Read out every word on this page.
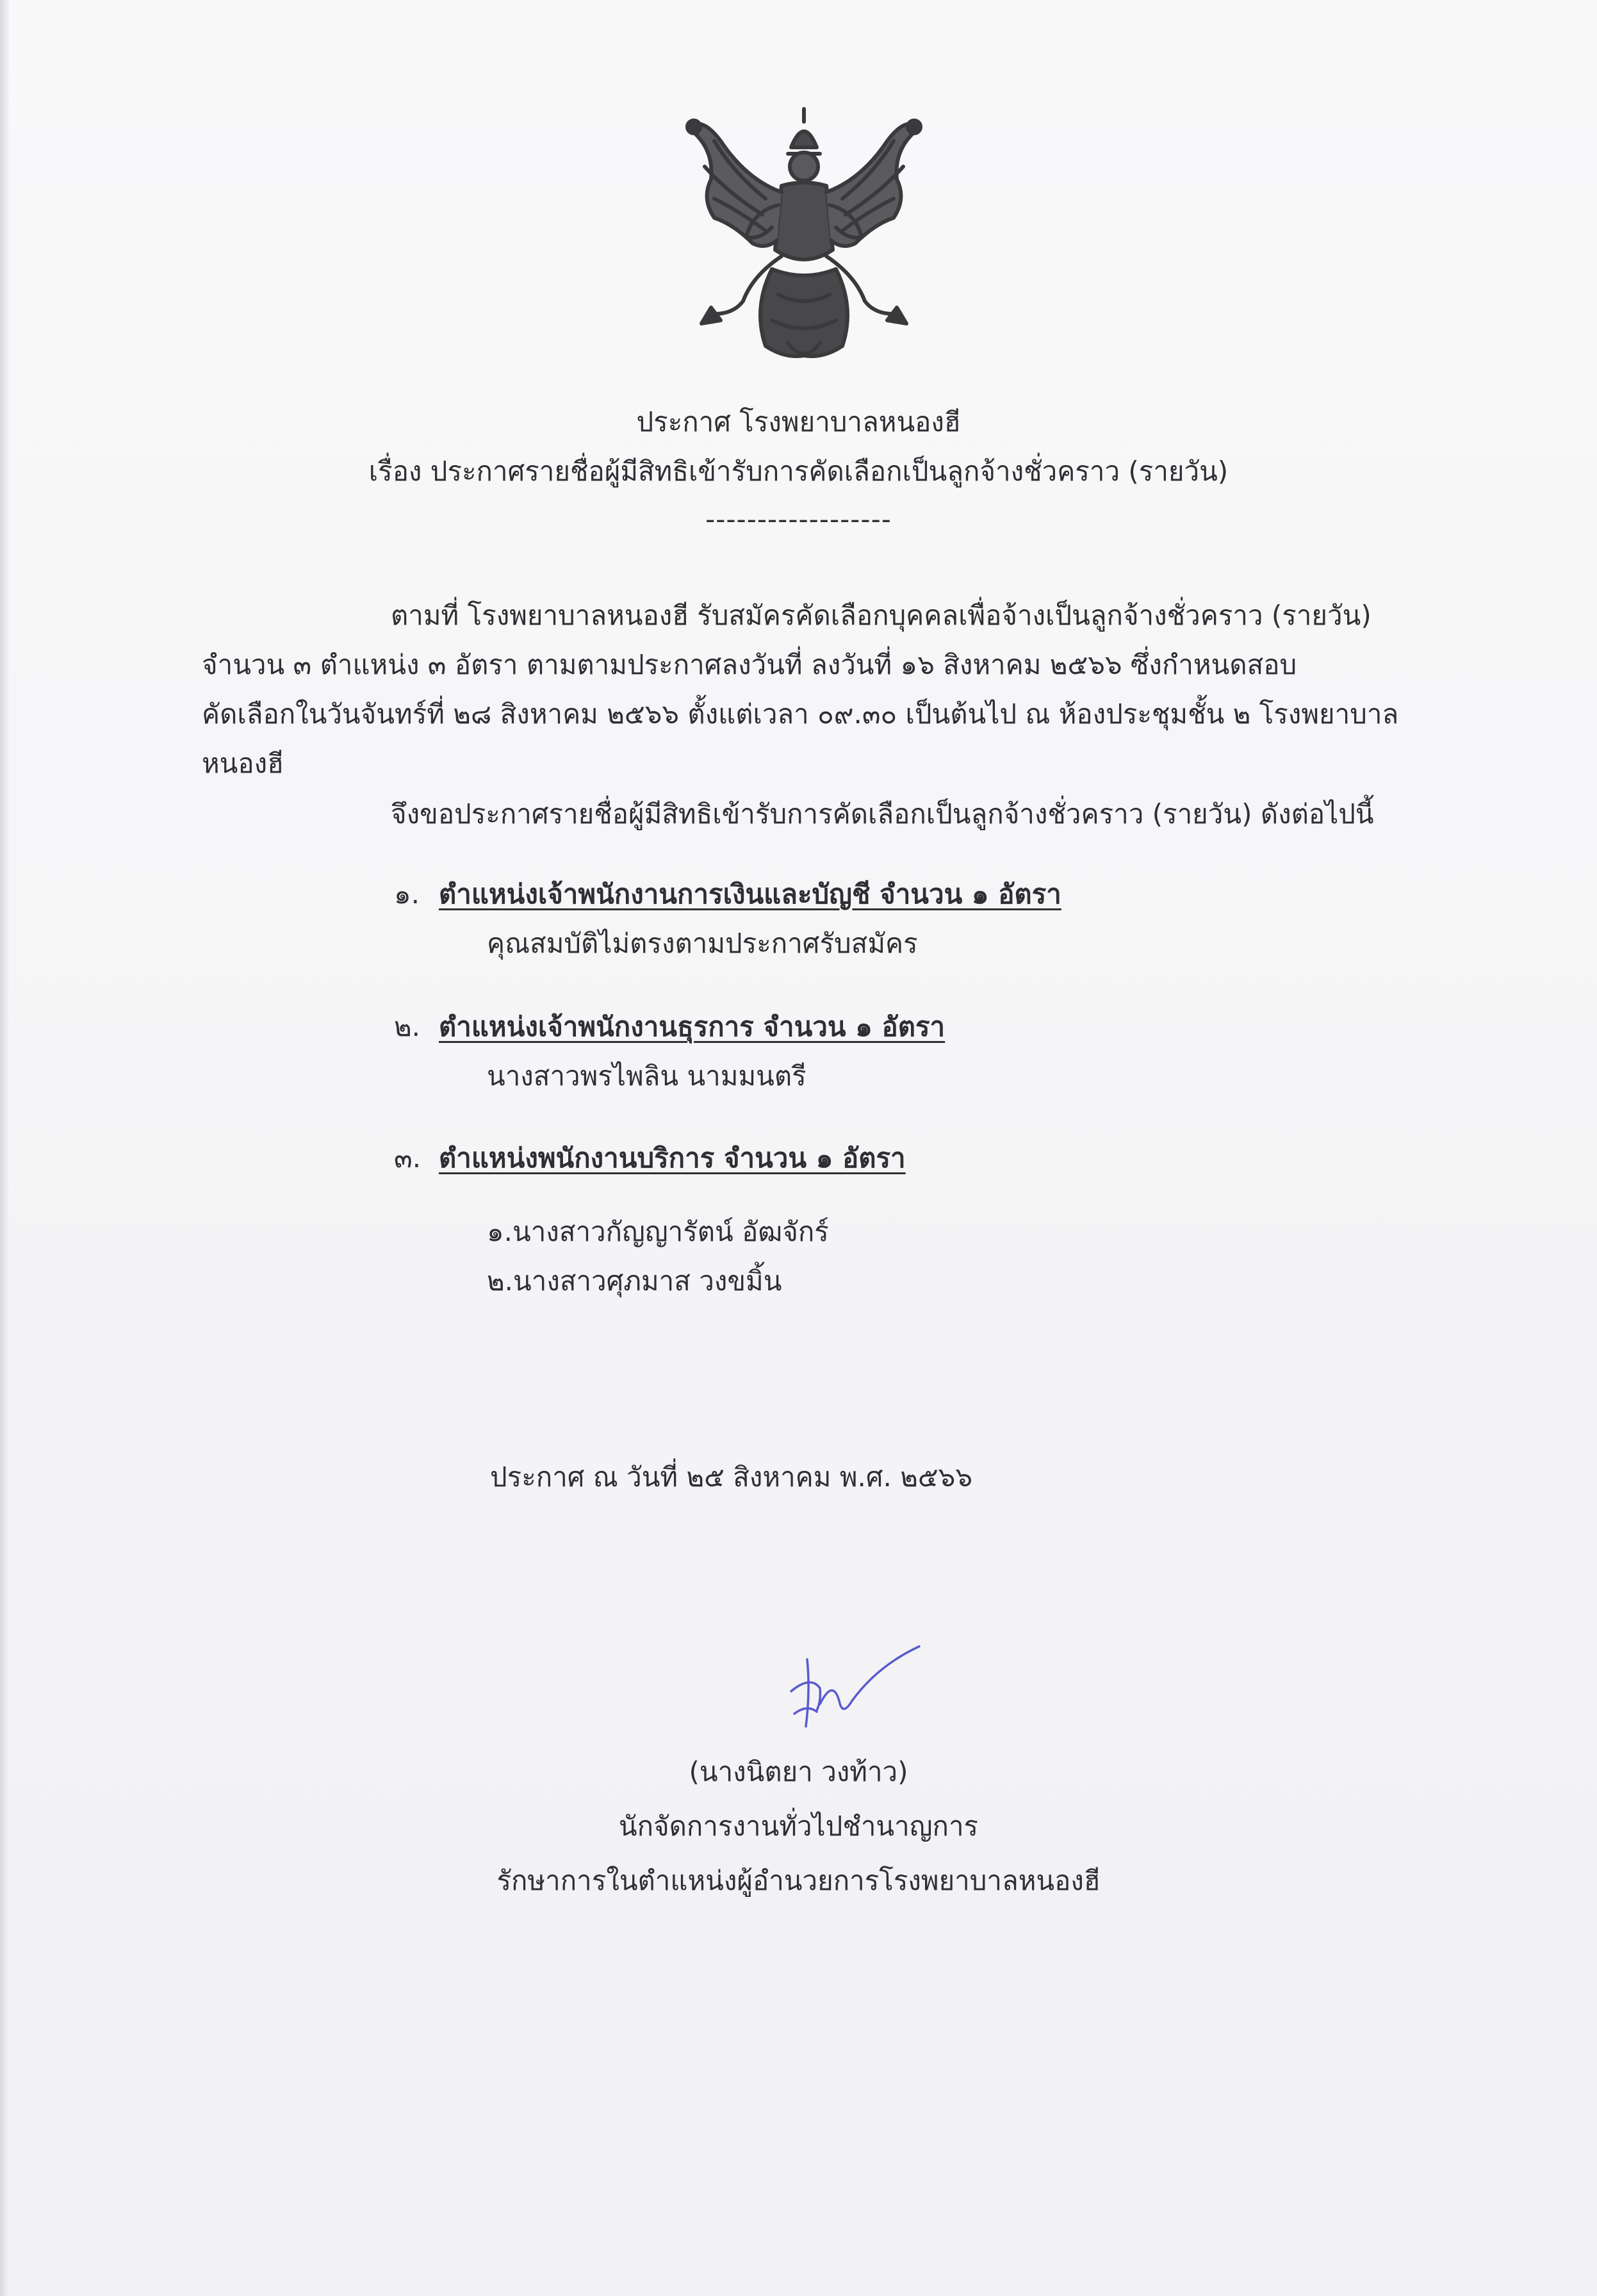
ประกาศ โรงพยาบาลหนองฮี
เรื่อง ประกาศรายชื่อผู้มีสิทธิเข้ารับการคัดเลือกเป็นลูกจ้างชั่วคราว (รายวัน)
------------------
ตามที่ โรงพยาบาลหนองฮี รับสมัครคัดเลือกบุคคลเพื่อจ้างเป็นลูกจ้างชั่วคราว (รายวัน)
จำนวน ๓ ตำแหน่ง ๓ อัตรา ตามตามประกาศลงวันที่ ลงวันที่ ๑๖ สิงหาคม ๒๕๖๖ ซึ่งกำหนดสอบ
คัดเลือกในวันจันทร์ที่ ๒๘ สิงหาคม ๒๕๖๖ ตั้งแต่เวลา ๐๙.๓๐ เป็นต้นไป ณ ห้องประชุมชั้น ๒ โรงพยาบาล
หนองฮี
จึงขอประกาศรายชื่อผู้มีสิทธิเข้ารับการคัดเลือกเป็นลูกจ้างชั่วคราว (รายวัน) ดังต่อไปนี้
๑. ตำแหน่งเจ้าพนักงานการเงินและบัญชี จำนวน ๑ อัตรา
คุณสมบัติไม่ตรงตามประกาศรับสมัคร
๒. ตำแหน่งเจ้าพนักงานธุรการ จำนวน ๑ อัตรา
นางสาวพรไพลิน นามมนตรี
๓. ตำแหน่งพนักงานบริการ จำนวน ๑ อัตรา
๑.นางสาวกัญญารัตน์ อัฒจักร์
๒.นางสาวศุภมาส วงขมิ้น
ประกาศ ณ วันที่ ๒๕ สิงหาคม พ.ศ. ๒๕๖๖
(นางนิตยา วงท้าว)
นักจัดการงานทั่วไปชำนาญการ
รักษาการในตำแหน่งผู้อำนวยการโรงพยาบาลหนองฮี
